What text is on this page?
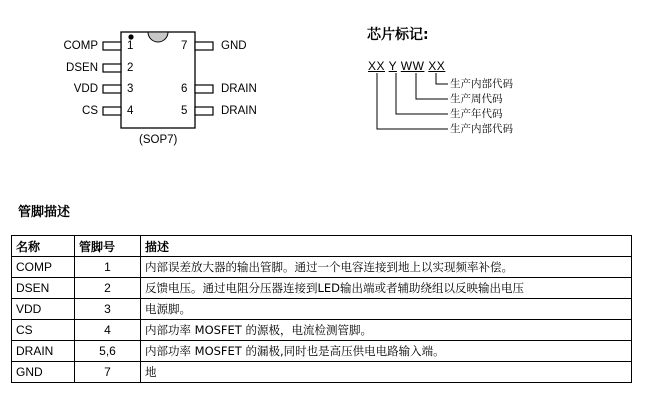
COMP
DSEN
VDD
CS
1
2
3
4
7
6
5
GND
DRAIN
DRAIN
(SOP7)
芯片标记:
XX Y WW XX
生产内部代码
生产周代码
生产年代码
生产内部代码
管脚描述
名称	管脚号	描述
COMP	1	内部误差放大器的输出管脚。通过一个电容连接到地上以实现频率补偿。
DSEN	2	反馈电压。通过电阻分压器连接到LED输出端或者辅助绕组以反映输出电压
VDD	3	电源脚。
CS	4	内部功率 MOSFET 的源极，电流检测管脚。
DRAIN	5,6	内部功率 MOSFET 的漏极,同时也是高压供电电路输入端。
GND	7	地
